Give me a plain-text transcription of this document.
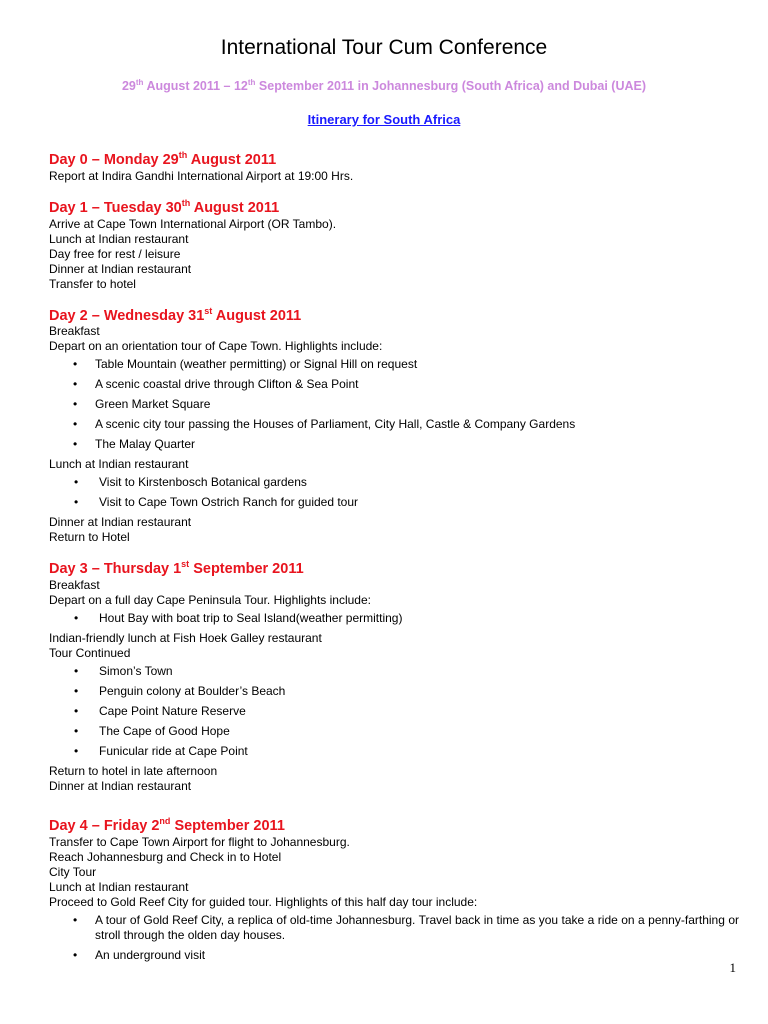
International Tour Cum Conference
29th August 2011 – 12th September 2011 in Johannesburg (South Africa) and Dubai (UAE)
Itinerary for South Africa
Day 0 – Monday 29th August 2011
Report at Indira Gandhi International Airport at 19:00 Hrs.
Day 1 – Tuesday 30th August 2011
Arrive at Cape Town International Airport (OR Tambo).
Lunch at Indian restaurant
Day free for rest / leisure
Dinner at Indian restaurant
Transfer to hotel
Day 2 – Wednesday 31st August 2011
Breakfast
Depart on an orientation tour of Cape Town. Highlights include:
• Table Mountain (weather permitting) or Signal Hill on request
• A scenic coastal drive through Clifton & Sea Point
• Green Market Square
• A scenic city tour passing the Houses of Parliament, City Hall, Castle & Company Gardens
• The Malay Quarter
Lunch at Indian restaurant
• Visit to Kirstenbosch Botanical gardens
• Visit to Cape Town Ostrich Ranch for guided tour
Dinner at Indian restaurant
Return to Hotel
Day 3 – Thursday 1st September 2011
Breakfast
Depart on a full day Cape Peninsula Tour. Highlights include:
• Hout Bay with boat trip to Seal Island(weather permitting)
Indian-friendly lunch at Fish Hoek Galley restaurant
Tour Continued
• Simon’s Town
• Penguin colony at Boulder’s Beach
• Cape Point Nature Reserve
• The Cape of Good Hope
• Funicular ride at Cape Point
Return to hotel in late afternoon
Dinner at Indian restaurant
Day 4 – Friday 2nd September 2011
Transfer to Cape Town Airport for flight to Johannesburg.
Reach Johannesburg and Check in to Hotel
City Tour
Lunch at Indian restaurant
Proceed to Gold Reef City for guided tour. Highlights of this half day tour include:
• A tour of Gold Reef City, a replica of old-time Johannesburg. Travel back in time as you take a ride on a penny-farthing or stroll through the olden day houses.
• An underground visit
1
